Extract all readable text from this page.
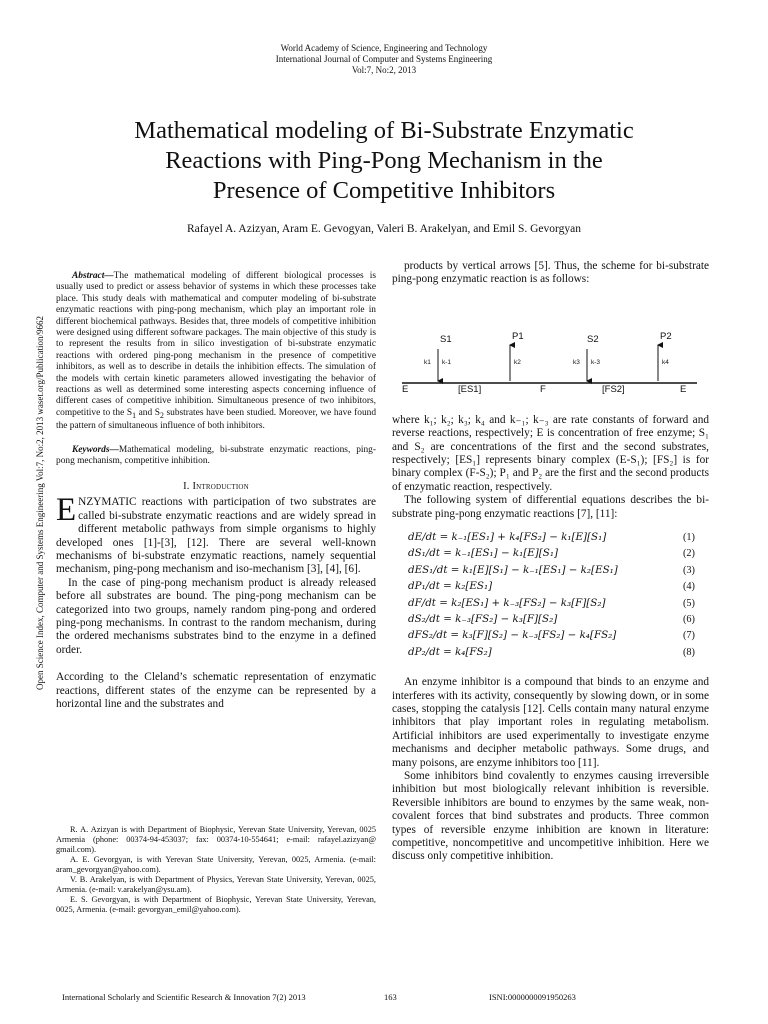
World Academy of Science, Engineering and Technology
International Journal of Computer and Systems Engineering
Vol:7, No:2, 2013
Mathematical modeling of Bi-Substrate Enzymatic
Reactions with Ping-Pong Mechanism in the
Presence of Competitive Inhibitors
Rafayel A. Azizyan, Aram E. Gevogyan, Valeri B. Arakelyan, and Emil S. Gevorgyan
Open Science Index, Computer and Systems Engineering Vol:7, No:2, 2013 waset.org/Publication/9662

Abstract—The mathematical modeling of different biological processes is usually used to predict or assess behavior of systems in which these processes take place. This study deals with mathematical and computer modeling of bi-substrate enzymatic reactions with ping-pong mechanism, which play an important role in different biochemical pathways. Besides that, three models of competitive inhibition were designed using different software packages. The main objective of this study is to represent the results from in silico investigation of bi-substrate enzymatic reactions with ordered ping-pong mechanism in the presence of competitive inhibitors, as well as to describe in details the inhibition effects. The simulation of the models with certain kinetic parameters allowed investigating the behavior of reactions as well as determined some interesting aspects concerning influence of different cases of competitive inhibition. Simultaneous presence of two inhibitors, competitive to the $S_1$ and $S_2$ substrates have been studied. Moreover, we have found the pattern of simultaneous influence of both inhibitors.

Keywords—Mathematical modeling, bi-substrate enzymatic reactions, ping-pong mechanism, competitive inhibition.

I. Introduction

ENZYMATIC reactions with participation of two substrates are called bi-substrate enzymatic reactions and are widely spread in different metabolic pathways from simple organisms to highly developed ones [1]-[3], [12]. There are several well-known mechanisms of bi-substrate enzymatic reactions, namely sequential mechanism, ping-pong mechanism and iso-mechanism [3], [4], [6].

In the case of ping-pong mechanism product is already released before all substrates are bound. The ping-pong mechanism can be categorized into two groups, namely random ping-pong and ordered ping-pong mechanisms. In contrast to the random mechanism, during the ordered mechanisms substrates bind to the enzyme in a defined order.

According to the Cleland’s schematic representation of enzymatic reactions, different states of the enzyme can be represented by a horizontal line and the substrates and

R. A. Azizyan is with Department of Biophysic, Yerevan State University, Yerevan, 0025 Armenia (phone: 00374-94-453037; fax: 00374-10-554641; e-mail: rafayel.azizyan@ gmail.com).

A. E. Gevorgyan, is with Yerevan State University, Yerevan, 0025, Armenia. (e-mail: aram_gevorgyan@yahoo.com).

V. B. Arakelyan, is with Department of Physics, Yerevan State University, Yerevan, 0025, Armenia. (e-mail: v.arakelyan@ysu.am).

E. S. Gevorgyan, is with Department of Biophysic, Yerevan State University, Yerevan, 0025, Armenia. (e-mail: gevorgyan_emil@yahoo.com).

products by vertical arrows [5]. Thus, the scheme for bi-substrate ping-pong enzymatic reaction is as follows:

S1	P1	S2	P2
k1 k-1	k2	k3 k-3	k4
E	[ES1]	F	[FS2]	E

where k₁; k₂; k₃; k₄ and k₋₁; k₋₃ are rate constants of forward and reverse reactions, respectively; E is concentration of free enzyme; S₁ and S₂ are concentrations of the first and the second substrates, respectively; [ES₁] represents binary complex (E-S₁); [FS₂] is for binary complex (F-S₂); P₁ and P₂ are the first and the second products of enzymatic reaction, respectively.

The following system of differential equations describes the bi-substrate ping-pong enzymatic reactions [7], [11]:

dE/dt = k₋₁[ES₁] + k₄[FS₂] − k₁[E][S₁]	(1)
dS₁/dt = k₋₁[ES₁] − k₁[E][S₁]	(2)
dES₁/dt = k₁[E][S₁] − k₋₁[ES₁] − k₂[ES₁]	(3)
dP₁/dt = k₂[ES₁]	(4)
dF/dt = k₂[ES₁] + k₋₃[FS₂] − k₃[F][S₂]	(5)
dS₂/dt = k₋₃[FS₂] − k₃[F][S₂]	(6)
dFS₂/dt = k₃[F][S₂] − k₋₃[FS₂] − k₄[FS₂]	(7)
dP₂/dt = k₄[FS₂]	(8)

An enzyme inhibitor is a compound that binds to an enzyme and interferes with its activity, consequently by slowing down, or in some cases, stopping the catalysis [12]. Cells contain many natural enzyme inhibitors that play important roles in regulating metabolism. Artificial inhibitors are used experimentally to investigate enzyme mechanisms and decipher metabolic pathways. Some drugs, and many poisons, are enzyme inhibitors too [11].

Some inhibitors bind covalently to enzymes causing irreversible inhibition but most biologically relevant inhibition is reversible. Reversible inhibitors are bound to enzymes by the same weak, non-covalent forces that bind substrates and products. Three common types of reversible enzyme inhibition are known in literature: competitive, noncompetitive and uncompetitive inhibition. Here we discuss only competitive inhibition.

International Scholarly and Scientific Research & Innovation 7(2) 2013	163	ISNI:0000000091950263
